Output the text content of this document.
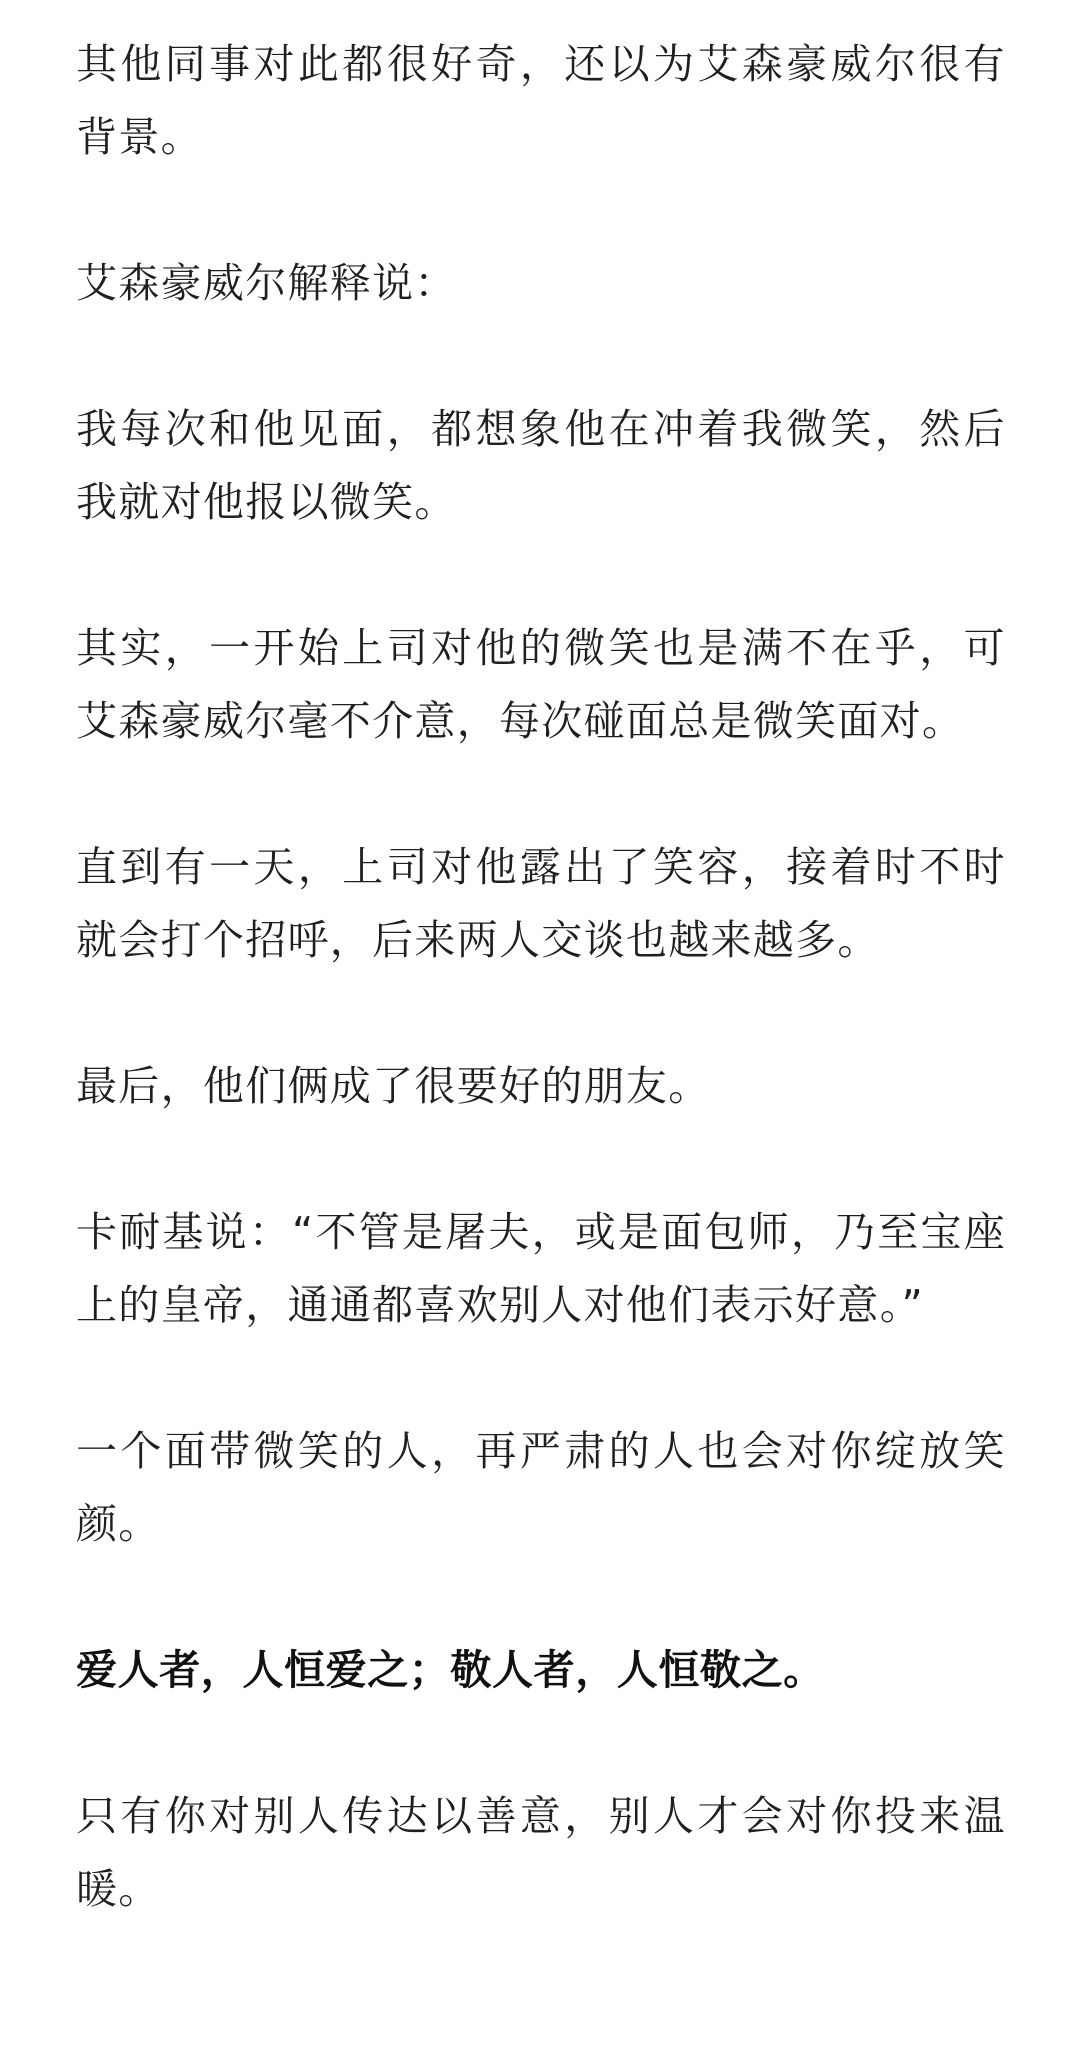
其他同事对此都很好奇，还以为艾森豪威尔很有背景。

艾森豪威尔解释说：

我每次和他见面，都想象他在冲着我微笑，然后我就对他报以微笑。

其实，一开始上司对他的微笑也是满不在乎，可艾森豪威尔毫不介意，每次碰面总是微笑面对。

直到有一天，上司对他露出了笑容，接着时不时就会打个招呼，后来两人交谈也越来越多。

最后，他们俩成了很要好的朋友。

卡耐基说：“不管是屠夫，或是面包师，乃至宝座上的皇帝，通通都喜欢别人对他们表示好意。”

一个面带微笑的人，再严肃的人也会对你绽放笑颜。

爱人者，人恒爱之；敬人者，人恒敬之。

只有你对别人传达以善意，别人才会对你投来温暖。
